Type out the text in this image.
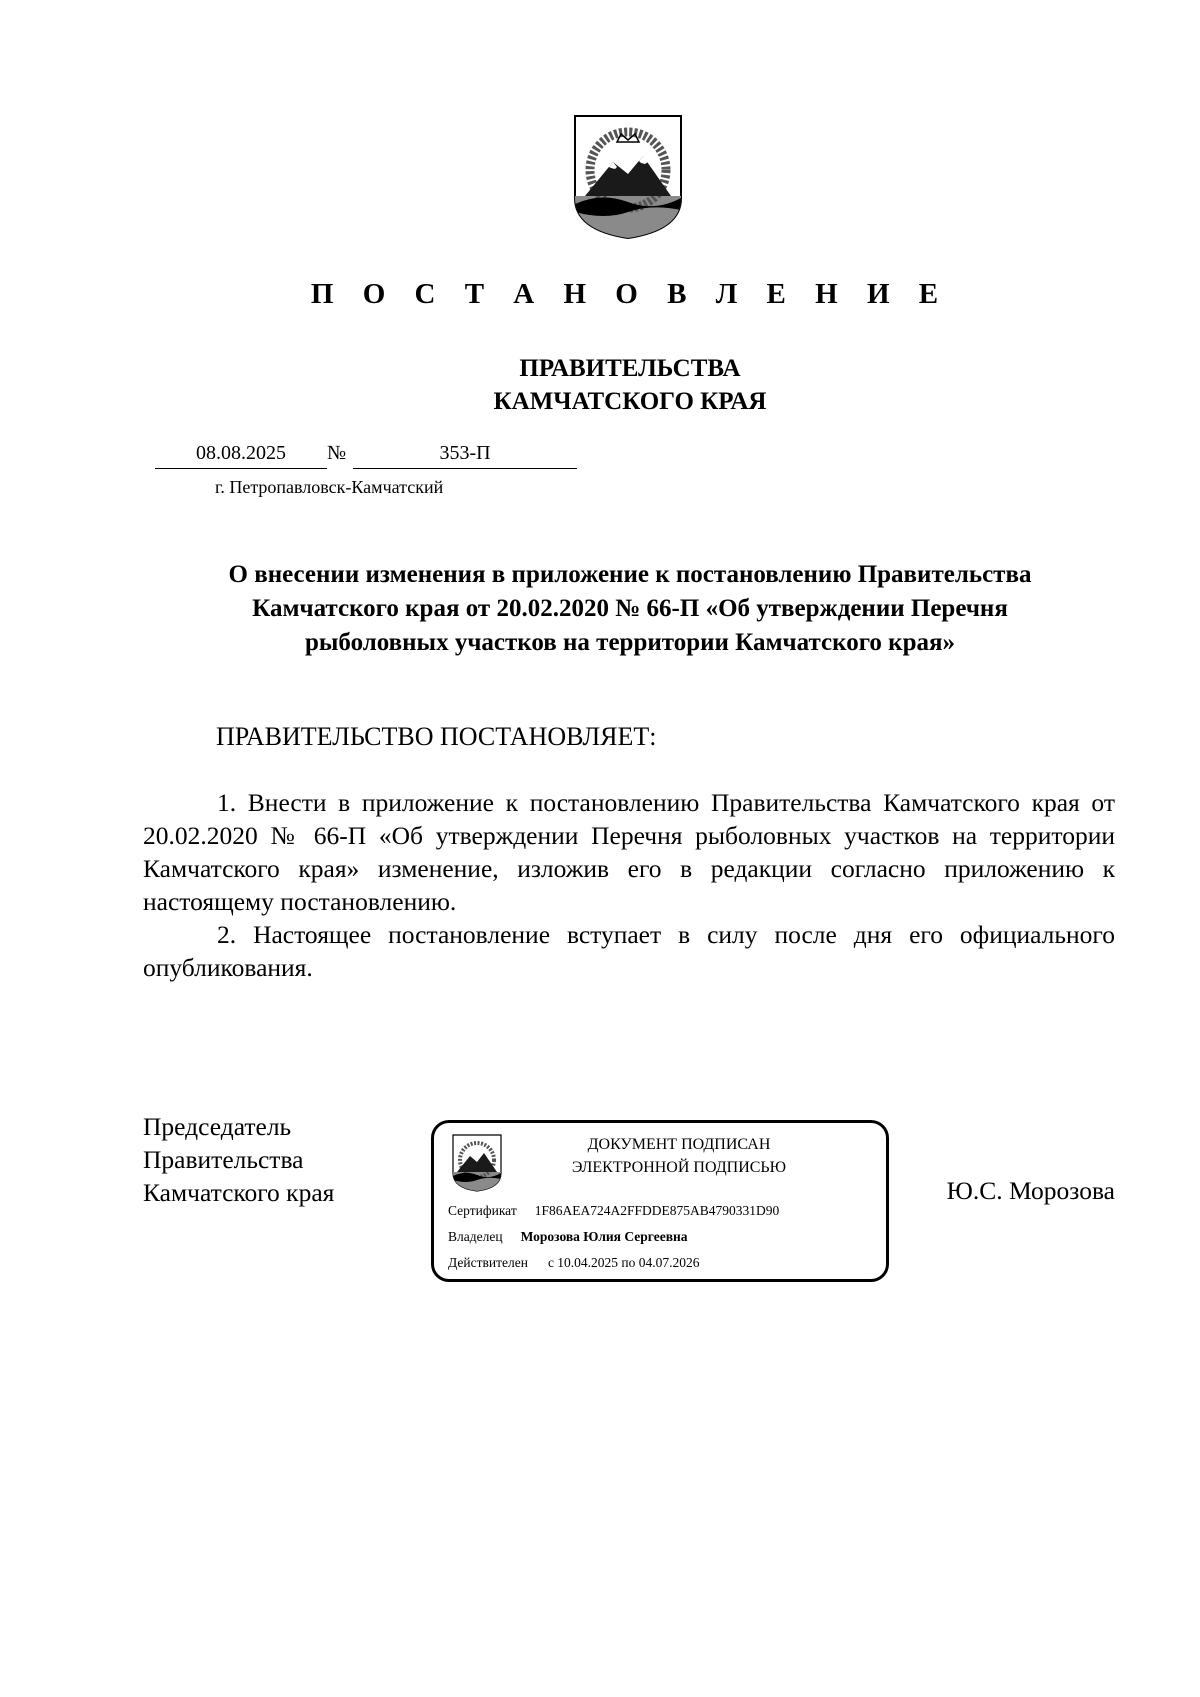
П О С Т А Н О В Л Е Н И Е
ПРАВИТЕЛЬСТВА
КАМЧАТСКОГО КРАЯ
08.08.2025	№	353-П
г. Петропавловск-Камчатский
О внесении изменения в приложение к постановлению Правительства
Камчатского края от 20.02.2020 № 66-П «Об утверждении Перечня
рыболовных участков на территории Камчатского края»
ПРАВИТЕЛЬСТВО ПОСТАНОВЛЯЕТ:

1. Внести в приложение к постановлению Правительства Камчатского края от 20.02.2020 № 66-П «Об утверждении Перечня рыболовных участков на территории Камчатского края» изменение, изложив его в редакции согласно приложению к настоящему постановлению.

2. Настоящее постановление вступает в силу после дня его официального опубликования.

Председатель
Правительства
Камчатского края
ДОКУМЕНТ ПОДПИСАН
ЭЛЕКТРОННОЙ ПОДПИСЬЮ
Сертификат 1F86AEA724A2FFDDE875AB4790331D90
Владелец Морозова Юлия Сергеевна
Действителен с 10.04.2025 по 04.07.2026
Ю.С. Морозова
